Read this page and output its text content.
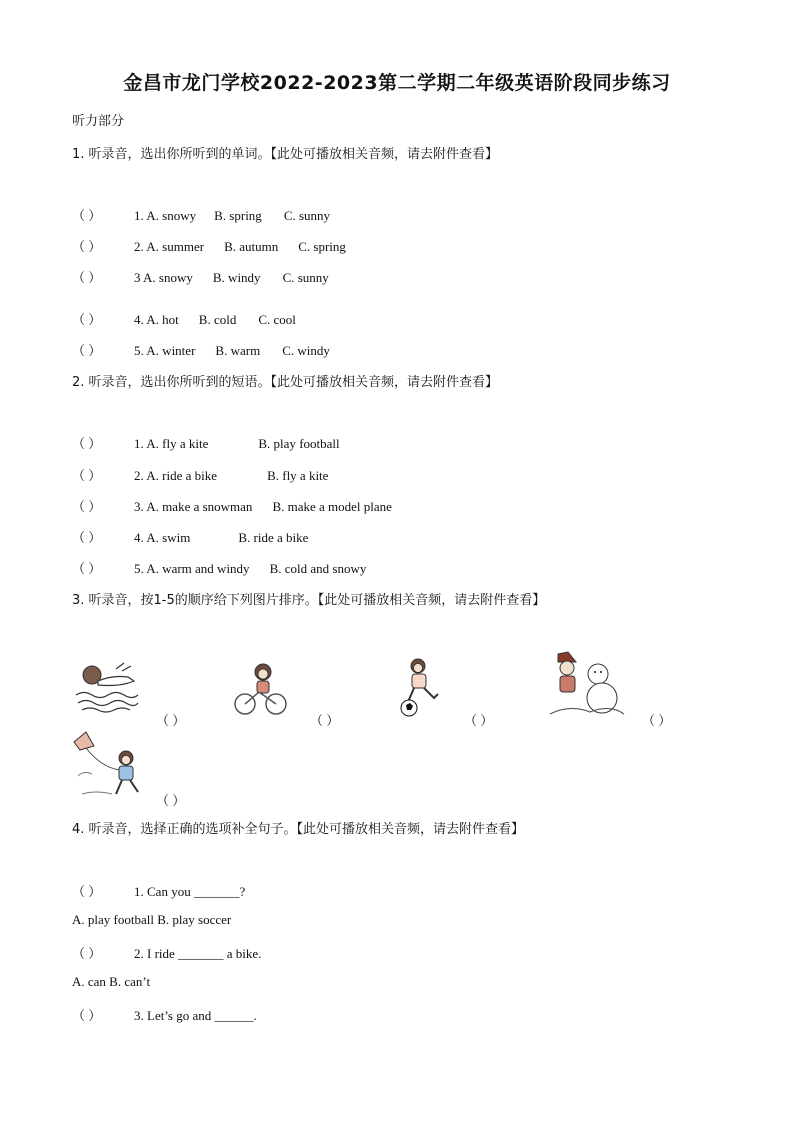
金昌市龙门学校2022-2023第二学期二年级英语阶段同步练习
听力部分
1. 听录音，选出你所听到的单词。【此处可播放相关音频，请去附件查看】
（ ）	1. A. snowy B. spring C. sunny
（ ）	2. A. summer B. autumn C. spring
（ ）	3 A. snowy B. windy C. sunny
（ ）	4. A. hot B. cold C. cool
（ ）	5. A. winter B. warm C. windy
2. 听录音，选出你所听到的短语。【此处可播放相关音频，请去附件查看】
（ ）	1. A. fly a kite	B. play football
（ ）	2. A. ride a bike	B. fly a kite
（ ）	3. A. make a snowman B. make a model plane
（ ）	4. A. swim	B. ride a bike
（ ）	5. A. warm and windy B. cold and snowy
3. 听录音，按1-5的顺序给下列图片排序。【此处可播放相关音频，请去附件查看】
（ ）	（ ）	（ ）	（ ）
（ ）
4. 听录音，选择正确的选项补全句子。【此处可播放相关音频，请去附件查看】
（ ）	1. Can you _______?
A. play football B. play soccer
（ ）	2. I ride _______ a bike.
A. can B. can’t
（ ）	3. Let’s go and ______.
